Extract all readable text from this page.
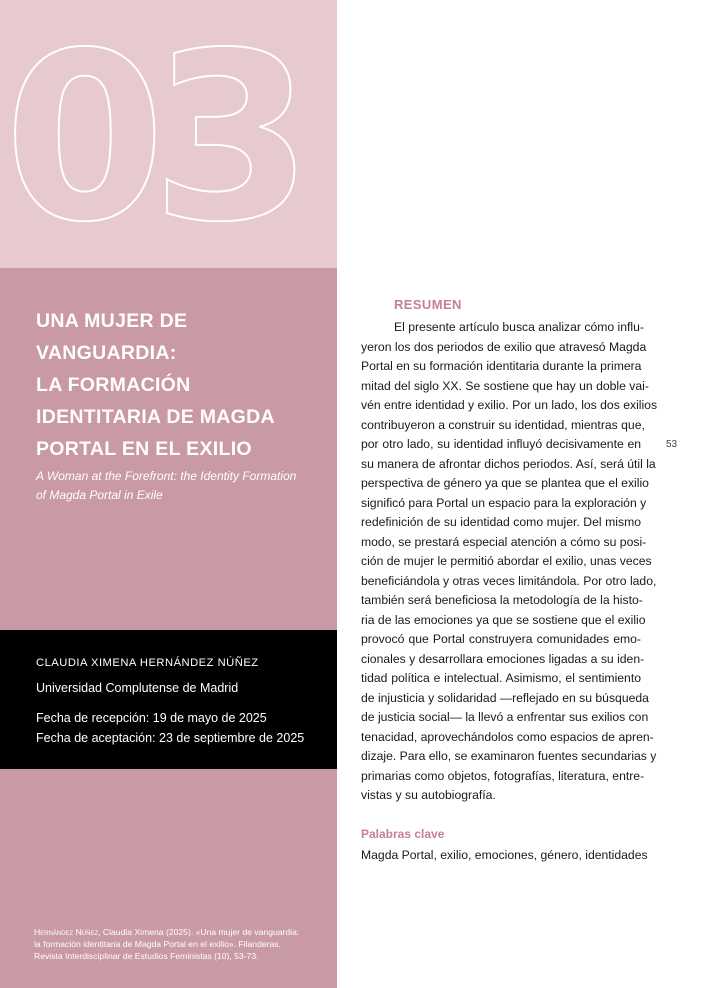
03
UNA MUJER DE
VANGUARDIA:
LA FORMACIÓN
IDENTITARIA DE MAGDA
PORTAL EN EL EXILIO
A Woman at the Forefront: the Identity Formation
of Magda Portal in Exile
CLAUDIA XIMENA HERNÁNDEZ NÚÑEZ
Universidad Complutense de Madrid
Fecha de recepción: 19 de mayo de 2025
Fecha de aceptación: 23 de septiembre de 2025
Hernández Núñez, Claudia Ximena (2025). «Una mujer de vanguardia:
la formación identitaria de Magda Portal en el exilio». Filanderas.
Revista Interdisciplinar de Estudios Feministas (10), 53-73.
53
RESUMEN
El presente artículo busca analizar cómo influ-
yeron los dos periodos de exilio que atravesó Magda
Portal en su formación identitaria durante la primera
mitad del siglo XX. Se sostiene que hay un doble vai-
vén entre identidad y exilio. Por un lado, los dos exilios
contribuyeron a construir su identidad, mientras que,
por otro lado, su identidad influyó decisivamente en
su manera de afrontar dichos periodos. Así, será útil la
perspectiva de género ya que se plantea que el exilio
significó para Portal un espacio para la exploración y
redefinición de su identidad como mujer. Del mismo
modo, se prestará especial atención a cómo su posi-
ción de mujer le permitió abordar el exilio, unas veces
beneficiándola y otras veces limitándola. Por otro lado,
también será beneficiosa la metodología de la histo-
ria de las emociones ya que se sostiene que el exilio
provocó que Portal construyera comunidades emo-
cionales y desarrollara emociones ligadas a su iden-
tidad política e intelectual. Asimismo, el sentimiento
de injusticia y solidaridad —reflejado en su búsqueda
de justicia social— la llevó a enfrentar sus exilios con
tenacidad, aprovechándolos como espacios de apren-
dizaje. Para ello, se examinaron fuentes secundarias y
primarias como objetos, fotografías, literatura, entre-
vistas y su autobiografía.
Palabras clave
Magda Portal, exilio, emociones, género, identidades
